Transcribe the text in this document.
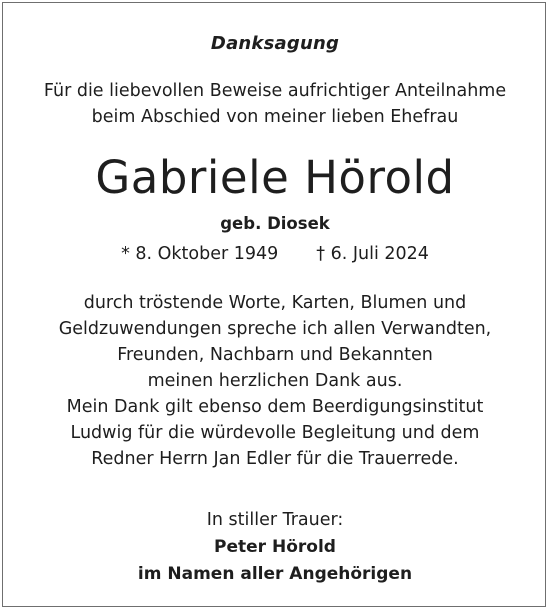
Danksagung
Für die liebevollen Beweise aufrichtiger Anteilnahme
beim Abschied von meiner lieben Ehefrau
Gabriele Hörold
geb. Diosek
* 8. Oktober 1949 † 6. Juli 2024
durch tröstende Worte, Karten, Blumen und
Geldzuwendungen spreche ich allen Verwandten,
Freunden, Nachbarn und Bekannten
meinen herzlichen Dank aus.
Mein Dank gilt ebenso dem Beerdigungsinstitut
Ludwig für die würdevolle Begleitung und dem
Redner Herrn Jan Edler für die Trauerrede.
In stiller Trauer:
Peter Hörold
im Namen aller Angehörigen
